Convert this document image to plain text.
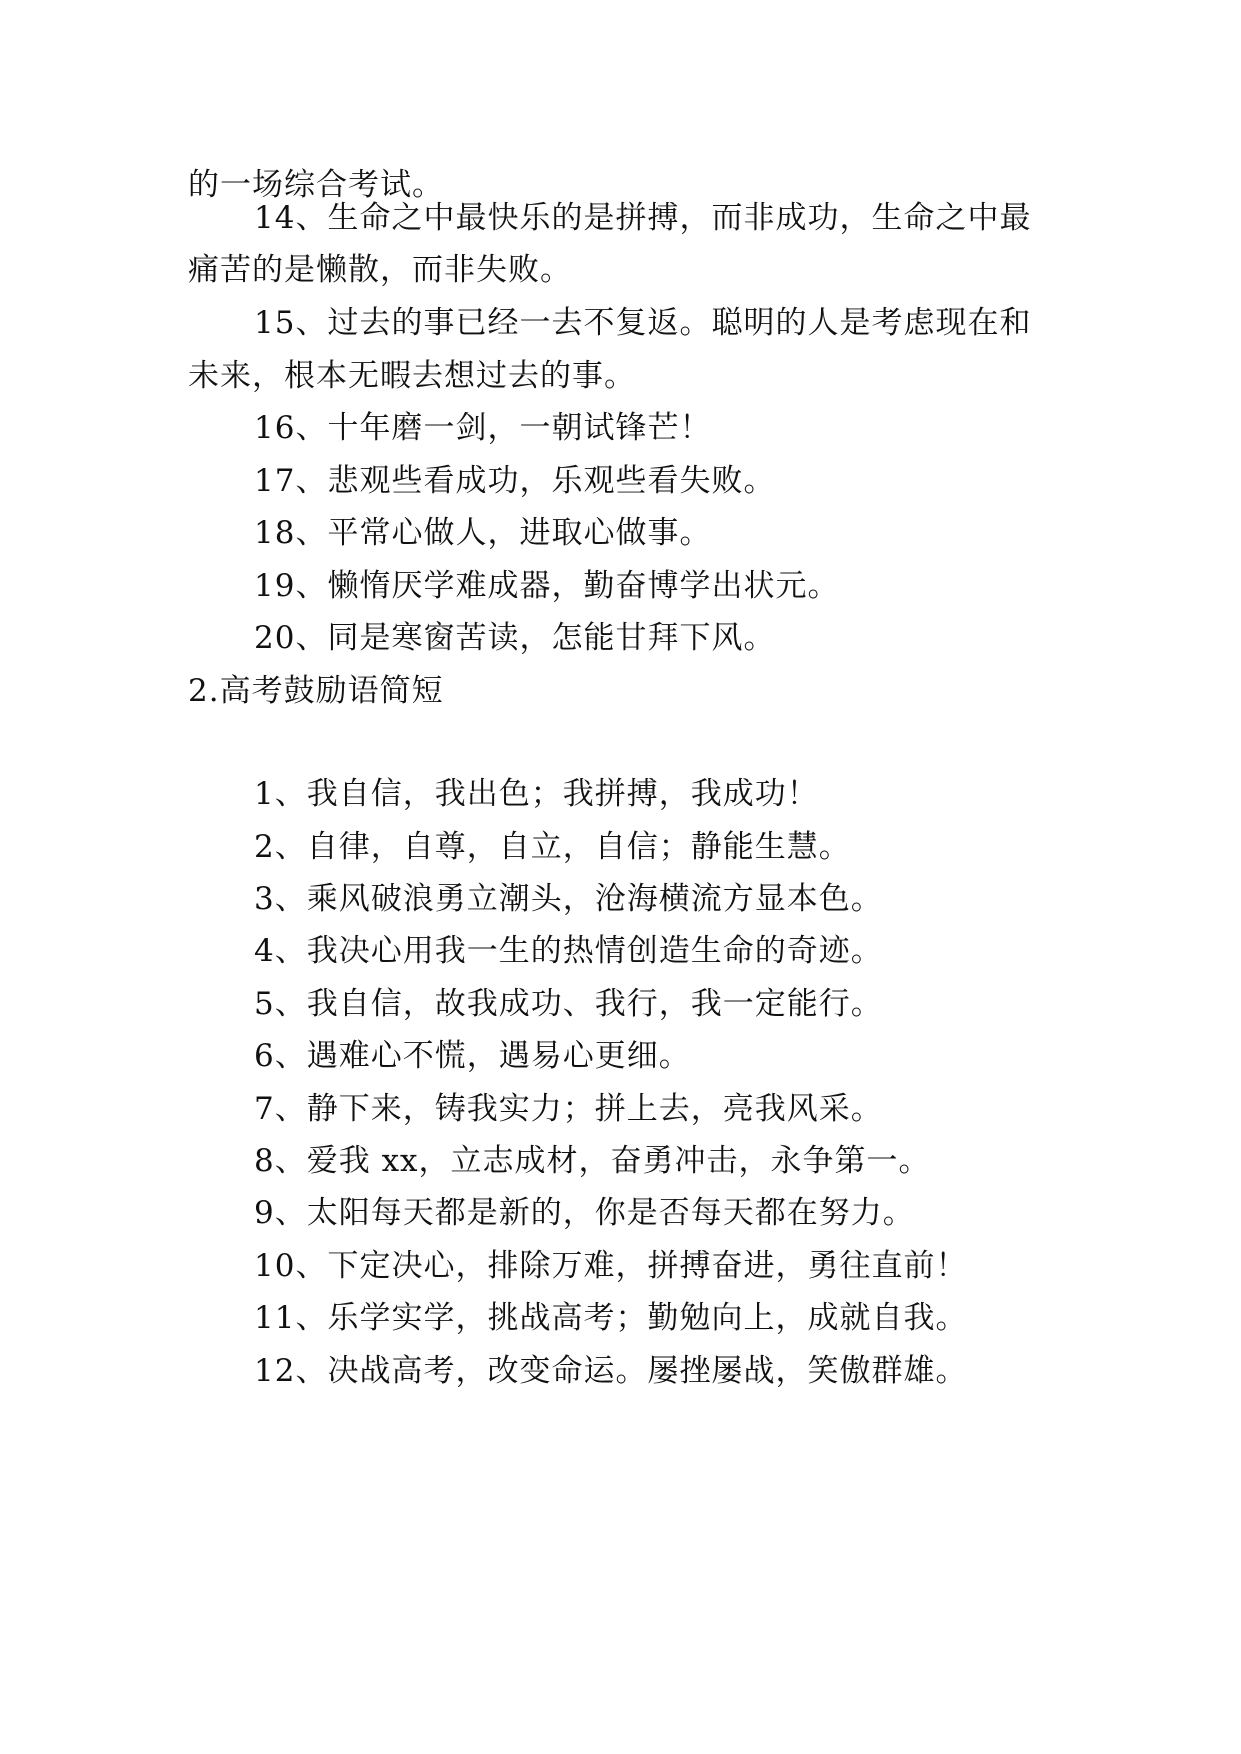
的一场综合考试。
14、生命之中最快乐的是拼搏，而非成功，生命之中最
痛苦的是懒散，而非失败。
15、过去的事已经一去不复返。聪明的人是考虑现在和
未来，根本无暇去想过去的事。
16、十年磨一剑，一朝试锋芒！
17、悲观些看成功，乐观些看失败。
18、平常心做人，进取心做事。
19、懒惰厌学难成器，勤奋博学出状元。
20、同是寒窗苦读，怎能甘拜下风。
2.高考鼓励语简短
1、我自信，我出色；我拼搏，我成功！
2、自律，自尊，自立，自信；静能生慧。
3、乘风破浪勇立潮头，沧海横流方显本色。
4、我决心用我一生的热情创造生命的奇迹。
5、我自信，故我成功、我行，我一定能行。
6、遇难心不慌，遇易心更细。
7、静下来，铸我实力；拼上去，亮我风采。
8、爱我 xx，立志成材，奋勇冲击，永争第一。
9、太阳每天都是新的，你是否每天都在努力。
10、下定决心，排除万难，拼搏奋进，勇往直前！
11、乐学实学，挑战高考；勤勉向上，成就自我。
12、决战高考，改变命运。屡挫屡战，笑傲群雄。
